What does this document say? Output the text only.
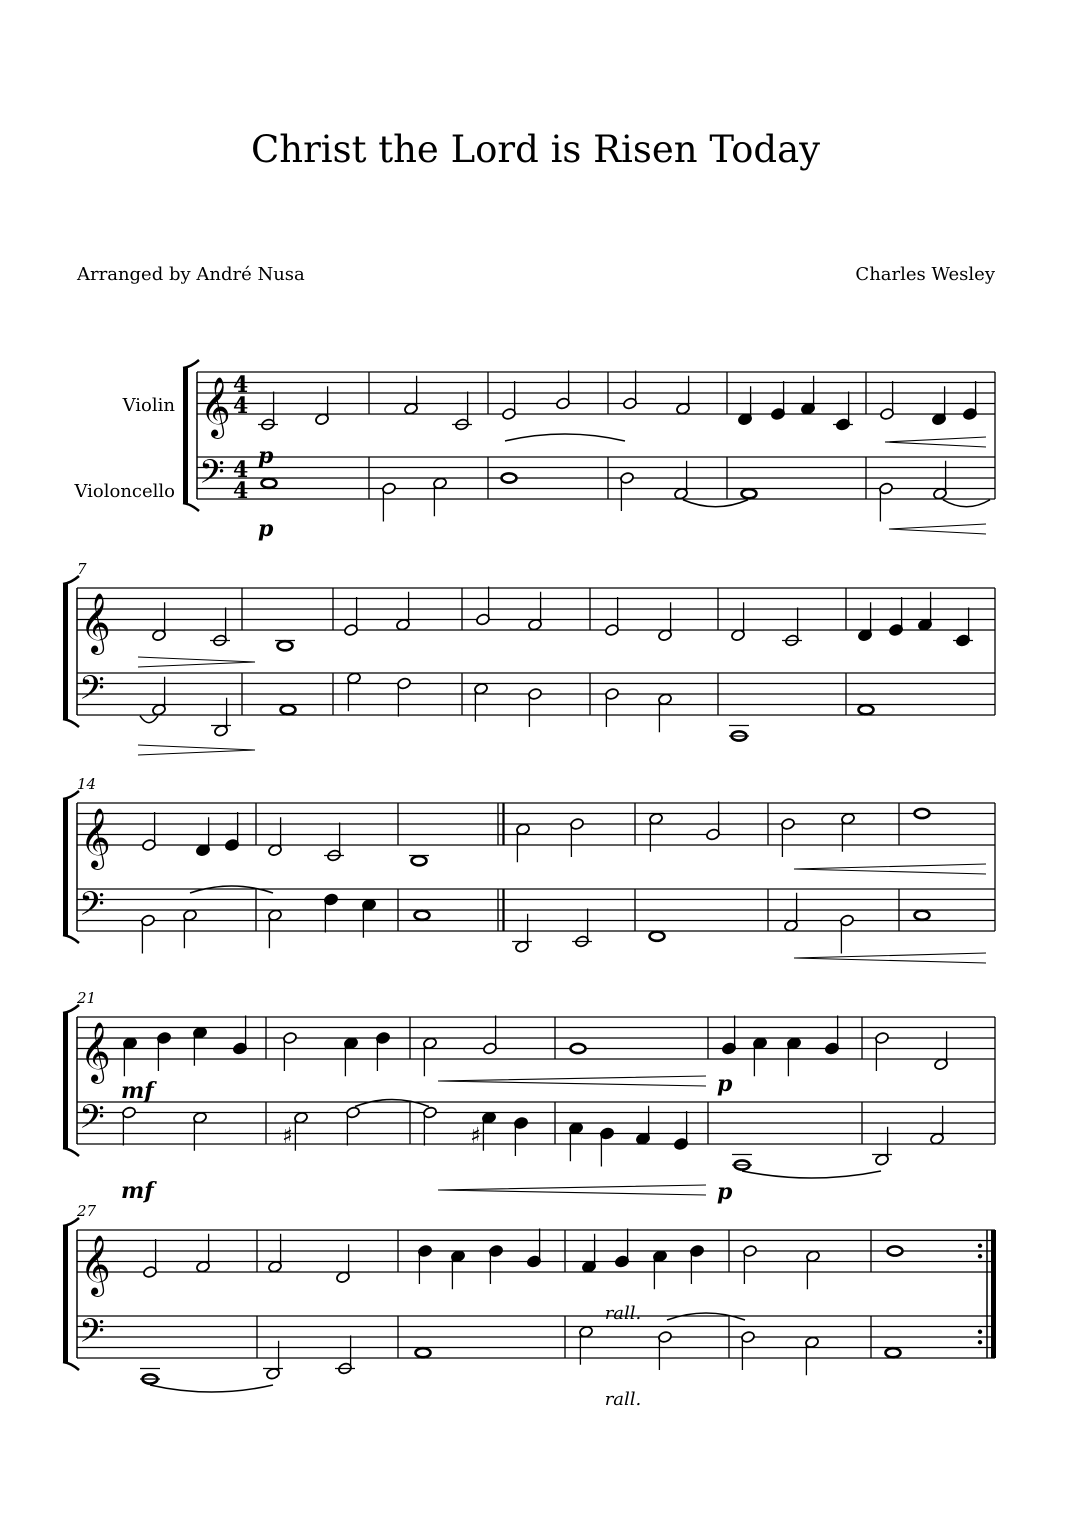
Christ the Lord is Risen Today
Arranged by André Nusa	Charles Wesley
𝄞
𝄢
4
4
4
4
𝄞
𝄢
7
𝄞
𝄢
14
𝄞
𝄢
21
𝄞
𝄢
27
Violin
Violoncello
p
p
mf	p
♯	♯
mf	p
rall.
rall.
